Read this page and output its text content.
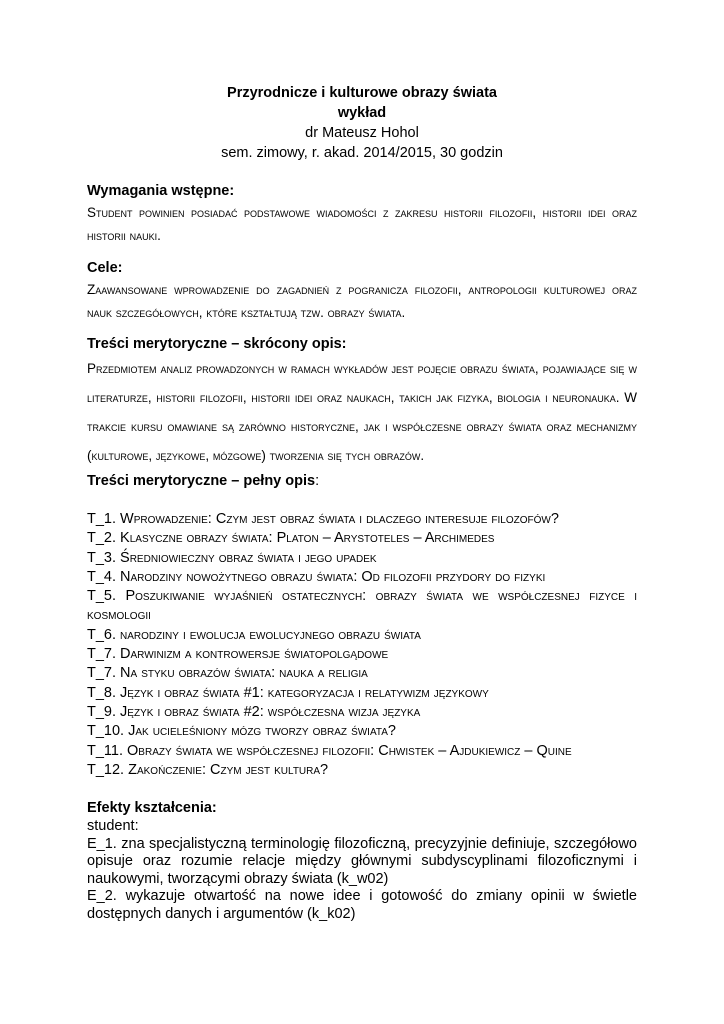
Przyrodnicze i kulturowe obrazy świata
wykład
dr Mateusz Hohol
sem. zimowy, r. akad. 2014/2015, 30 godzin
Wymagania wstępne:
Student powinien posiadać podstawowe wiadomości z zakresu historii filozofii, historii idei oraz historii nauki.
Cele:
Zaawansowane wprowadzenie do zagadnień z pogranicza filozofii, antropologii kulturowej oraz nauk szczegółowych, które kształtują tzw. obrazy świata.
Treści merytoryczne – skrócony opis:
Przedmiotem analiz prowadzonych w ramach wykładów jest pojęcie obrazu świata, pojawiające się w literaturze, historii filozofii, historii idei oraz naukach, takich jak fizyka, biologia i neuronauka. W trakcie kursu omawiane są zarówno historyczne, jak i współczesne obrazy świata oraz mechanizmy (kulturowe, językowe, mózgowe) tworzenia się tych obrazów.
Treści merytoryczne – pełny opis:
T_1. Wprowadzenie: Czym jest obraz świata i dlaczego interesuje filozofów?
T_2. Klasyczne obrazy świata: Platon – Arystoteles – Archimedes
T_3. Średniowieczny obraz świata i jego upadek
T_4. Narodziny nowożytnego obrazu świata: Od filozofii przydory do fizyki
T_5. Poszukiwanie wyjaśnień ostatecznych: obrazy świata we współczesnej fizyce i kosmologii
T_6. narodziny i ewolucja ewolucyjnego obrazu świata
T_7. Darwinizm a kontrowersje światopolgądowe
T_7. Na styku obrazów świata: nauka a religia
T_8. Język i obraz świata #1: kategoryzacja i relatywizm językowy
T_9. Język i obraz świata #2: współczesna wizja języka
T_10. Jak ucieleśniony mózg tworzy obraz świata?
T_11. Obrazy świata we współczesnej filozofii: Chwistek – Ajdukiewicz – Quine
T_12. Zakończenie: Czym jest kultura?
Efekty kształcenia:
student:
E_1. zna specjalistyczną terminologię filozoficzną, precyzyjnie definiuje, szczegółowo opisuje oraz rozumie relacje między głównymi subdyscyplinami filozoficznymi i naukowymi, tworzącymi obrazy świata (k_w02)
E_2. wykazuje otwartość na nowe idee i gotowość do zmiany opinii w świetle dostępnych danych i argumentów (k_k02)
